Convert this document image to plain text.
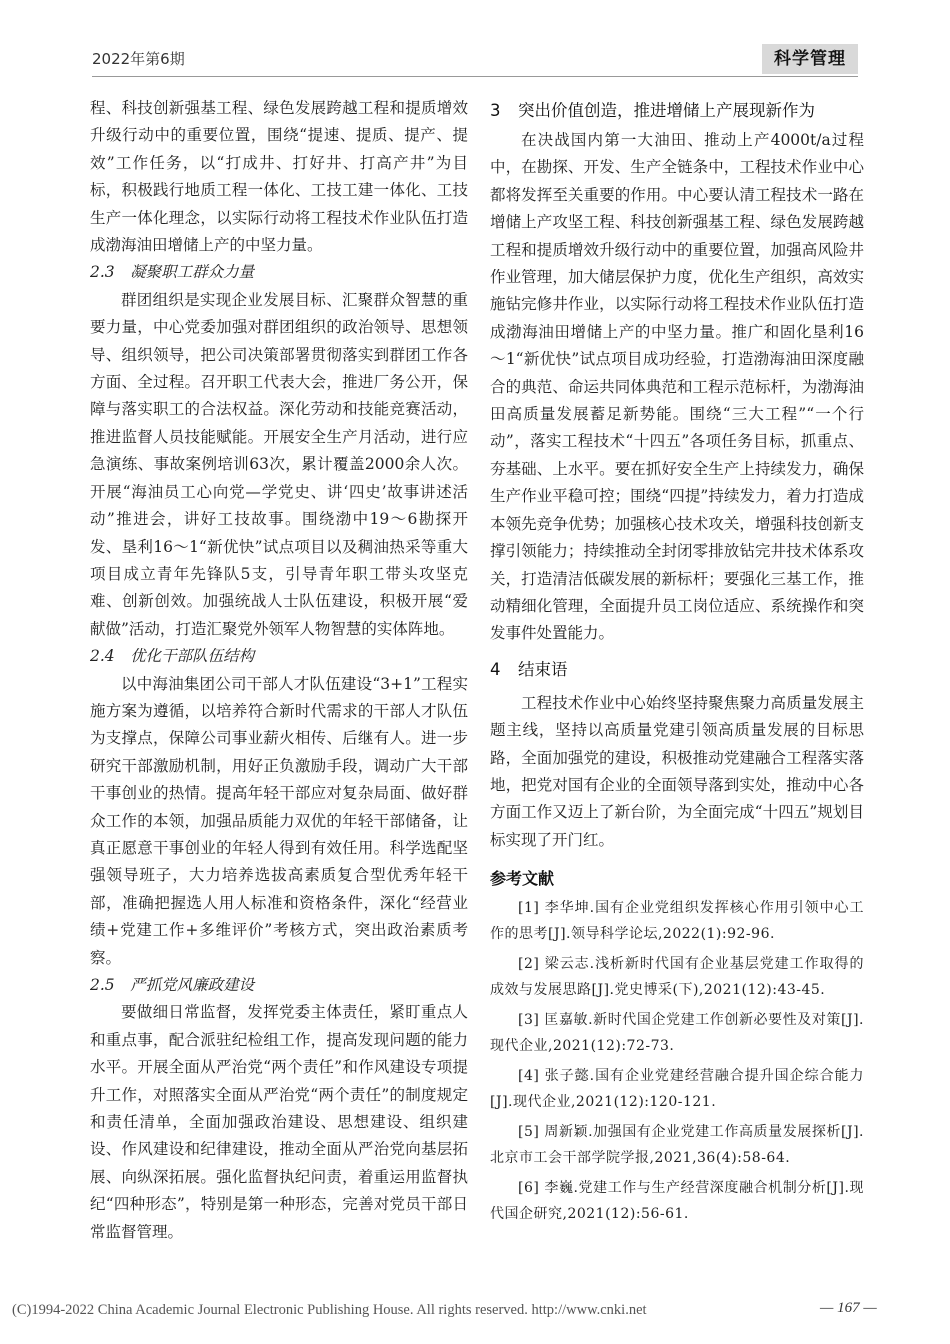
2022年第6期	科学管理

程、科技创新强基工程、绿色发展跨越工程和提质增效升级行动中的重要位置，围绕“提速、提质、提产、提效”工作任务，以“打成井、打好井、打高产井”为目标，积极践行地质工程一体化、工技工建一体化、工技生产一体化理念，以实际行动将工程技术作业队伍打造成渤海油田增储上产的中坚力量。

2.3　凝聚职工群众力量

群团组织是实现企业发展目标、汇聚群众智慧的重要力量，中心党委加强对群团组织的政治领导、思想领导、组织领导，把公司决策部署贯彻落实到群团工作各方面、全过程。召开职工代表大会，推进厂务公开，保障与落实职工的合法权益。深化劳动和技能竞赛活动，推进监督人员技能赋能。开展安全生产月活动，进行应急演练、事故案例培训63次，累计覆盖2000余人次。开展“海油员工心向党—学党史、讲‘四史’故事讲述活动”推进会，讲好工技故事。围绕渤中19～6勘探开发、垦利16～1“新优快”试点项目以及稠油热采等重大项目成立青年先锋队5支，引导青年职工带头攻坚克难、创新创效。加强统战人士队伍建设，积极开展“爱献做”活动，打造汇聚党外领军人物智慧的实体阵地。

2.4　优化干部队伍结构

以中海油集团公司干部人才队伍建设“3+1”工程实施方案为遵循，以培养符合新时代需求的干部人才队伍为支撑点，保障公司事业薪火相传、后继有人。进一步研究干部激励机制，用好正负激励手段，调动广大干部干事创业的热情。提高年轻干部应对复杂局面、做好群众工作的本领，加强品质能力双优的年轻干部储备，让真正愿意干事创业的年轻人得到有效任用。科学选配坚强领导班子，大力培养选拔高素质复合型优秀年轻干部，准确把握选人用人标准和资格条件，深化“经营业绩+党建工作+多维评价”考核方式，突出政治素质考察。

2.5　严抓党风廉政建设

要做细日常监督，发挥党委主体责任，紧盯重点人和重点事，配合派驻纪检组工作，提高发现问题的能力水平。开展全面从严治党“两个责任”和作风建设专项提升工作，对照落实全面从严治党“两个责任”的制度规定和责任清单，全面加强政治建设、思想建设、组织建设、作风建设和纪律建设，推动全面从严治党向基层拓展、向纵深拓展。强化监督执纪问责，着重运用监督执纪“四种形态”，特别是第一种形态，完善对党员干部日常监督管理。

3 突出价值创造，推进增储上产展现新作为

在决战国内第一大油田、推动上产4000t/a过程中，在勘探、开发、生产全链条中，工程技术作业中心都将发挥至关重要的作用。中心要认清工程技术一路在增储上产攻坚工程、科技创新强基工程、绿色发展跨越工程和提质增效升级行动中的重要位置，加强高风险井作业管理，加大储层保护力度，优化生产组织，高效实施钻完修井作业，以实际行动将工程技术作业队伍打造成渤海油田增储上产的中坚力量。推广和固化垦利16～1“新优快”试点项目成功经验，打造渤海油田深度融合的典范、命运共同体典范和工程示范标杆，为渤海油田高质量发展蓄足新势能。围绕“三大工程”“一个行动”，落实工程技术“十四五”各项任务目标，抓重点、夯基础、上水平。要在抓好安全生产上持续发力，确保生产作业平稳可控；围绕“四提”持续发力，着力打造成本领先竞争优势；加强核心技术攻关，增强科技创新支撑引领能力；持续推动全封闭零排放钻完井技术体系攻关，打造清洁低碳发展的新标杆；要强化三基工作，推动精细化管理，全面提升员工岗位适应、系统操作和突发事件处置能力。

4 结束语

工程技术作业中心始终坚持聚焦聚力高质量发展主题主线，坚持以高质量党建引领高质量发展的目标思路，全面加强党的建设，积极推动党建融合工程落实落地，把党对国有企业的全面领导落到实处，推动中心各方面工作又迈上了新台阶，为全面完成“十四五”规划目标实现了开门红。

参考文献

[1] 李华坤.国有企业党组织发挥核心作用引领中心工作的思考[J].领导科学论坛,2022(1):92-96.

[2] 梁云志.浅析新时代国有企业基层党建工作取得的成效与发展思路[J].党史博采(下),2021(12):43-45.

[3] 匡嘉敏.新时代国企党建工作创新必要性及对策[J].现代企业,2021(12):72-73.

[4] 张子懿.国有企业党建经营融合提升国企综合能力[J].现代企业,2021(12):120-121.

[5] 周新颖.加强国有企业党建工作高质量发展探析[J].北京市工会干部学院学报,2021,36(4):58-64.

[6] 李巍.党建工作与生产经营深度融合机制分析[J].现代国企研究,2021(12):56-61.

(C)1994-2022 China Academic Journal Electronic Publishing House. All rights reserved. http://www.cnki.net	— 167 —
